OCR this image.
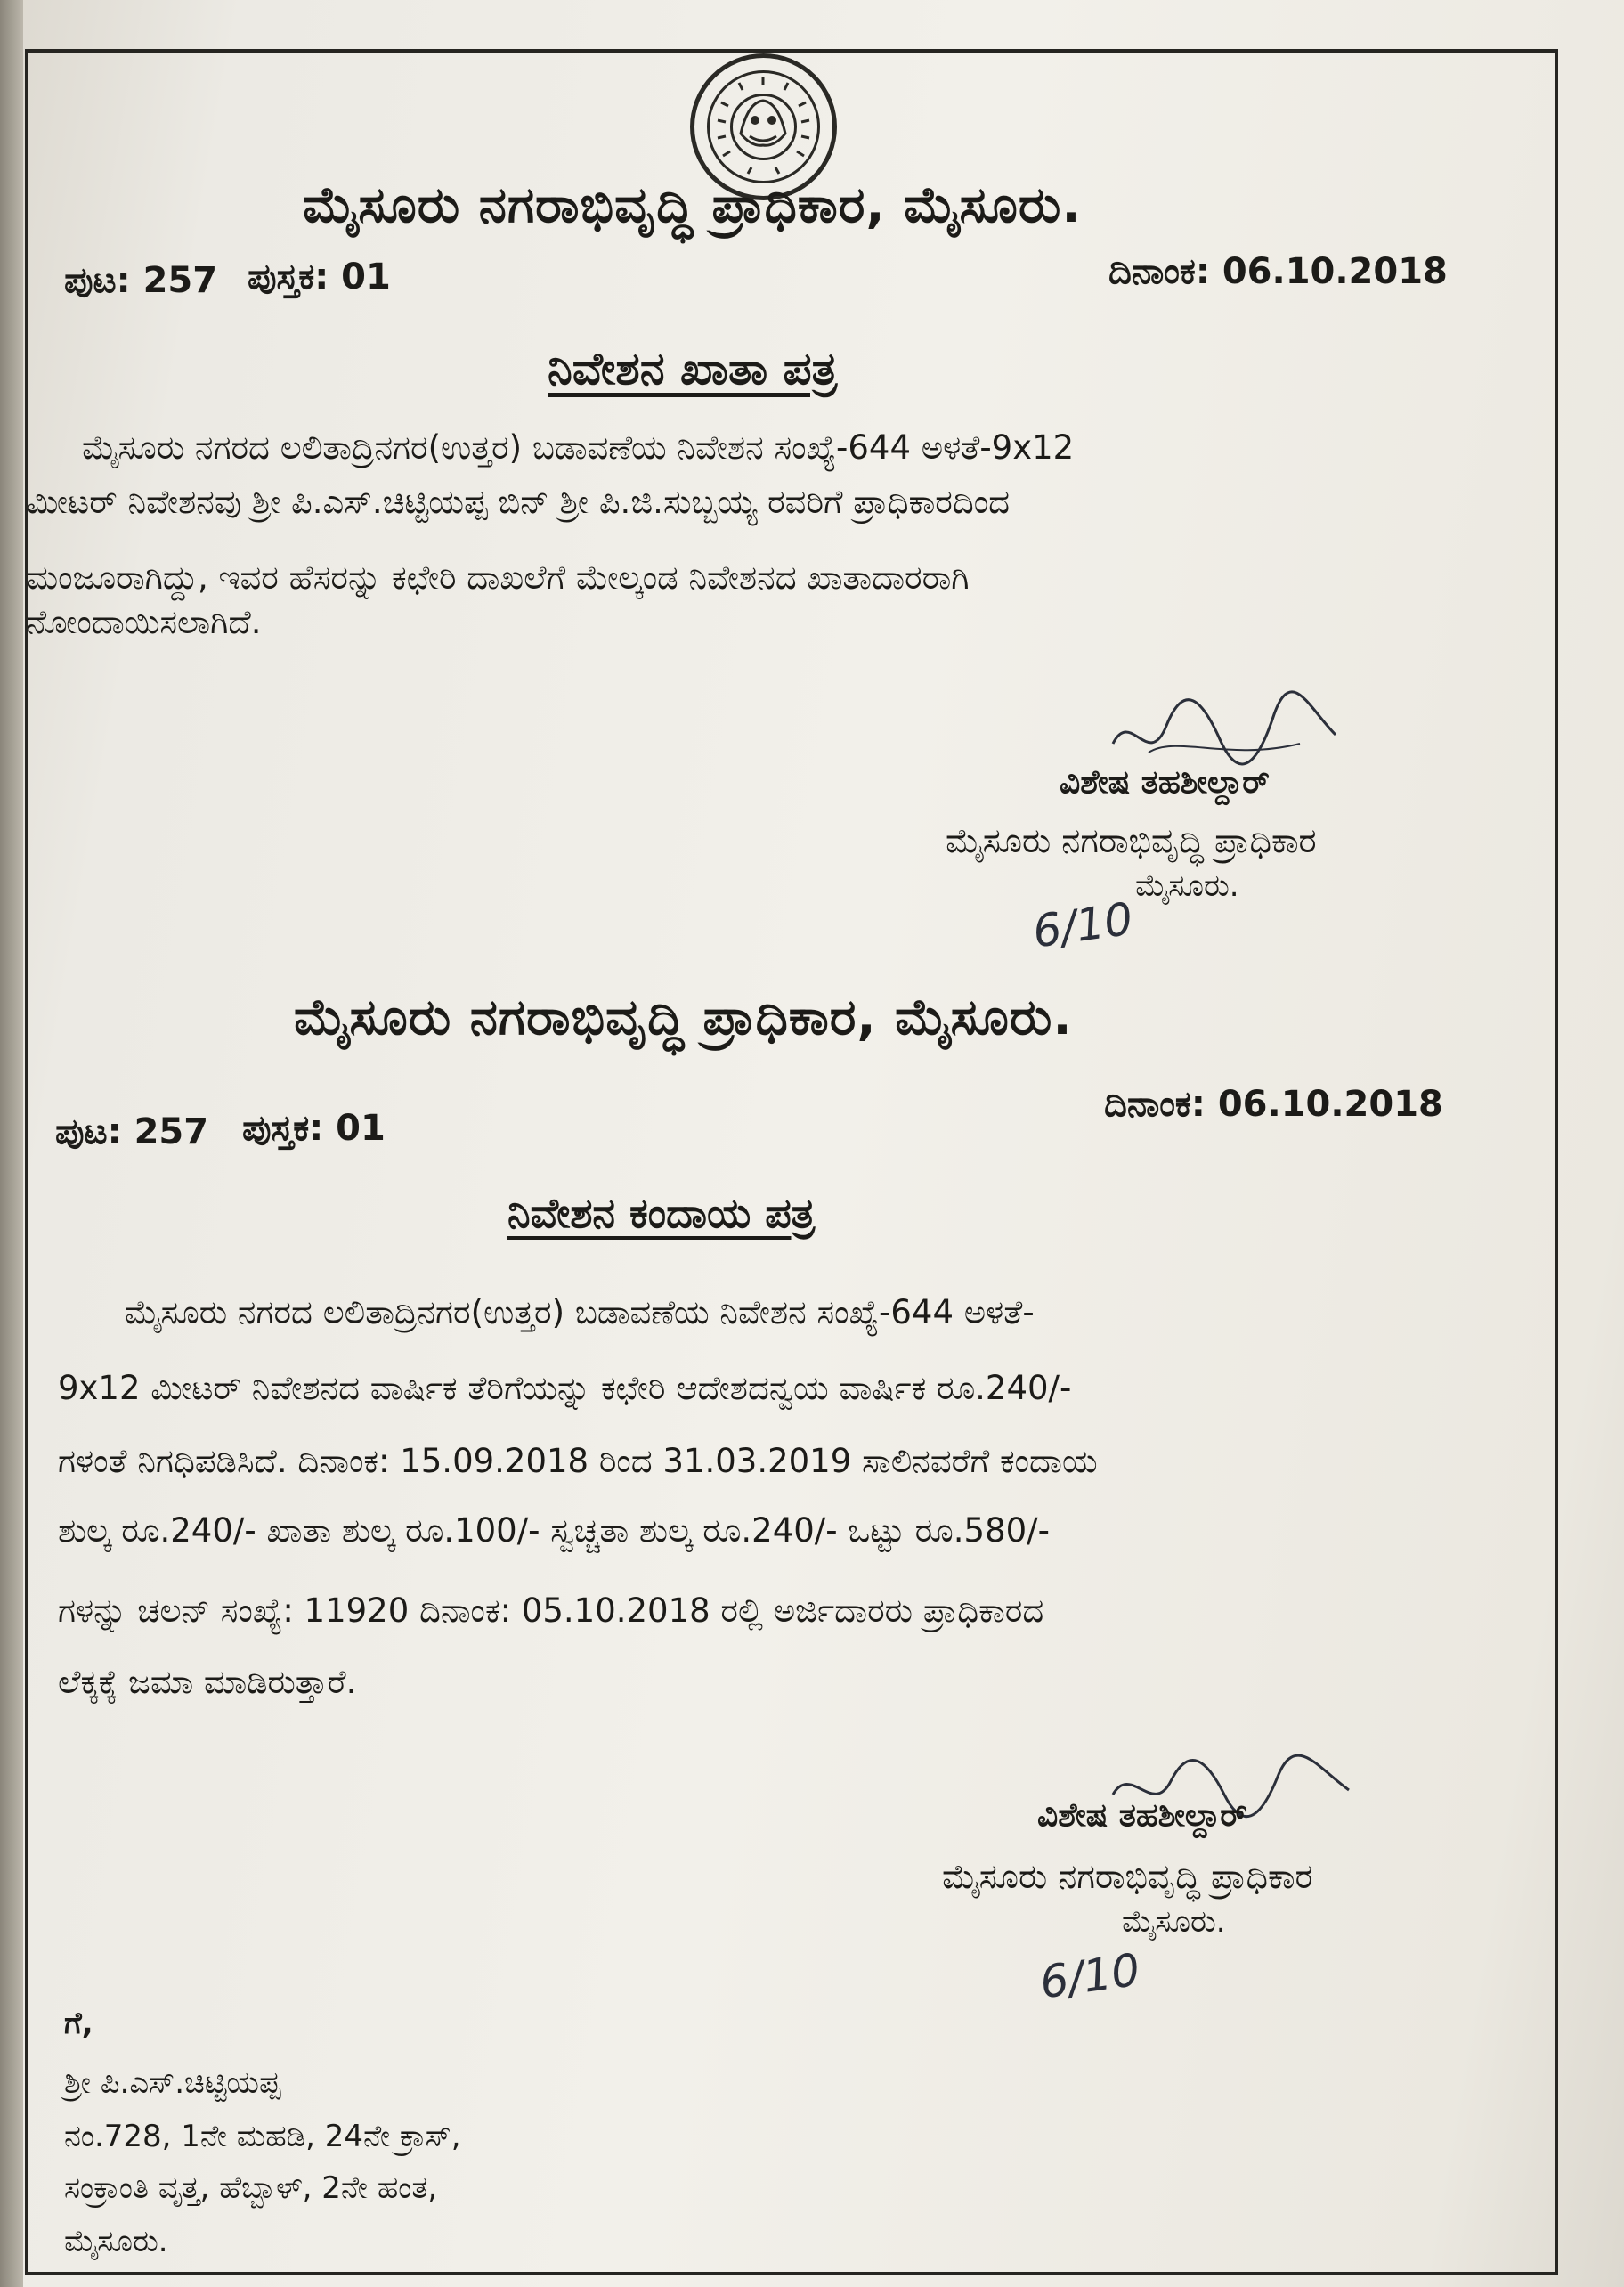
ಮೈಸೂರು ನಗರಾಭಿವೃದ್ಧಿ ಪ್ರಾಧಿಕಾರ, ಮೈಸೂರು.
ಪುಟ: 257 ಪುಸ್ತಕ: 01	ದಿನಾಂಕ: 06.10.2018
ನಿವೇಶನ ಖಾತಾ ಪತ್ರ
ಮೈಸೂರು ನಗರದ ಲಲಿತಾದ್ರಿನಗರ(ಉತ್ತರ) ಬಡಾವಣೆಯ ನಿವೇಶನ ಸಂಖ್ಯೆ-644 ಅಳತೆ-9x12
ಮೀಟರ್ ನಿವೇಶನವು ಶ್ರೀ ಪಿ.ಎಸ್.ಚಿಟ್ಟಿಯಪ್ಪ ಬಿನ್ ಶ್ರೀ ಪಿ.ಜಿ.ಸುಬ್ಬಯ್ಯ ರವರಿಗೆ ಪ್ರಾಧಿಕಾರದಿಂದ
ಮಂಜೂರಾಗಿದ್ದು, ಇವರ ಹೆಸರನ್ನು ಕಛೇರಿ ದಾಖಲೆಗೆ ಮೇಲ್ಕಂಡ ನಿವೇಶನದ ಖಾತಾದಾರರಾಗಿ
ನೋಂದಾಯಿಸಲಾಗಿದೆ.
ವಿಶೇಷ ತಹಶೀಲ್ದಾರ್
ಮೈಸೂರು ನಗರಾಭಿವೃದ್ಧಿ ಪ್ರಾಧಿಕಾರ
ಮೈಸೂರು.
6/10
ಮೈಸೂರು ನಗರಾಭಿವೃದ್ಧಿ ಪ್ರಾಧಿಕಾರ, ಮೈಸೂರು.
ದಿನಾಂಕ: 06.10.2018
ಪುಟ: 257 ಪುಸ್ತಕ: 01
ನಿವೇಶನ ಕಂದಾಯ ಪತ್ರ
ಮೈಸೂರು ನಗರದ ಲಲಿತಾದ್ರಿನಗರ(ಉತ್ತರ) ಬಡಾವಣೆಯ ನಿವೇಶನ ಸಂಖ್ಯೆ-644 ಅಳತೆ-
9x12 ಮೀಟರ್ ನಿವೇಶನದ ವಾರ್ಷಿಕ ತೆರಿಗೆಯನ್ನು ಕಛೇರಿ ಆದೇಶದನ್ವಯ ವಾರ್ಷಿಕ ರೂ.240/-
ಗಳಂತೆ ನಿಗಧಿಪಡಿಸಿದೆ. ದಿನಾಂಕ: 15.09.2018 ರಿಂದ 31.03.2019 ಸಾಲಿನವರೆಗೆ ಕಂದಾಯ
ಶುಲ್ಕ ರೂ.240/- ಖಾತಾ ಶುಲ್ಕ ರೂ.100/- ಸ್ವಚ್ಚತಾ ಶುಲ್ಕ ರೂ.240/- ಒಟ್ಟು ರೂ.580/-
ಗಳನ್ನು ಚಲನ್ ಸಂಖ್ಯೆ: 11920 ದಿನಾಂಕ: 05.10.2018 ರಲ್ಲಿ ಅರ್ಜಿದಾರರು ಪ್ರಾಧಿಕಾರದ
ಲೆಕ್ಕಕ್ಕೆ ಜಮಾ ಮಾಡಿರುತ್ತಾರೆ.
ವಿಶೇಷ ತಹಶೀಲ್ದಾರ್
ಮೈಸೂರು ನಗರಾಭಿವೃದ್ಧಿ ಪ್ರಾಧಿಕಾರ
ಮೈಸೂರು.
6/10
ಗೆ,
ಶ್ರೀ ಪಿ.ಎಸ್.ಚಿಟ್ಟಿಯಪ್ಪ
ನಂ.728, 1ನೇ ಮಹಡಿ, 24ನೇ ಕ್ರಾಸ್,
ಸಂಕ್ರಾಂತಿ ವೃತ್ತ, ಹೆಬ್ಬಾಳ್, 2ನೇ ಹಂತ,
ಮೈಸೂರು.
